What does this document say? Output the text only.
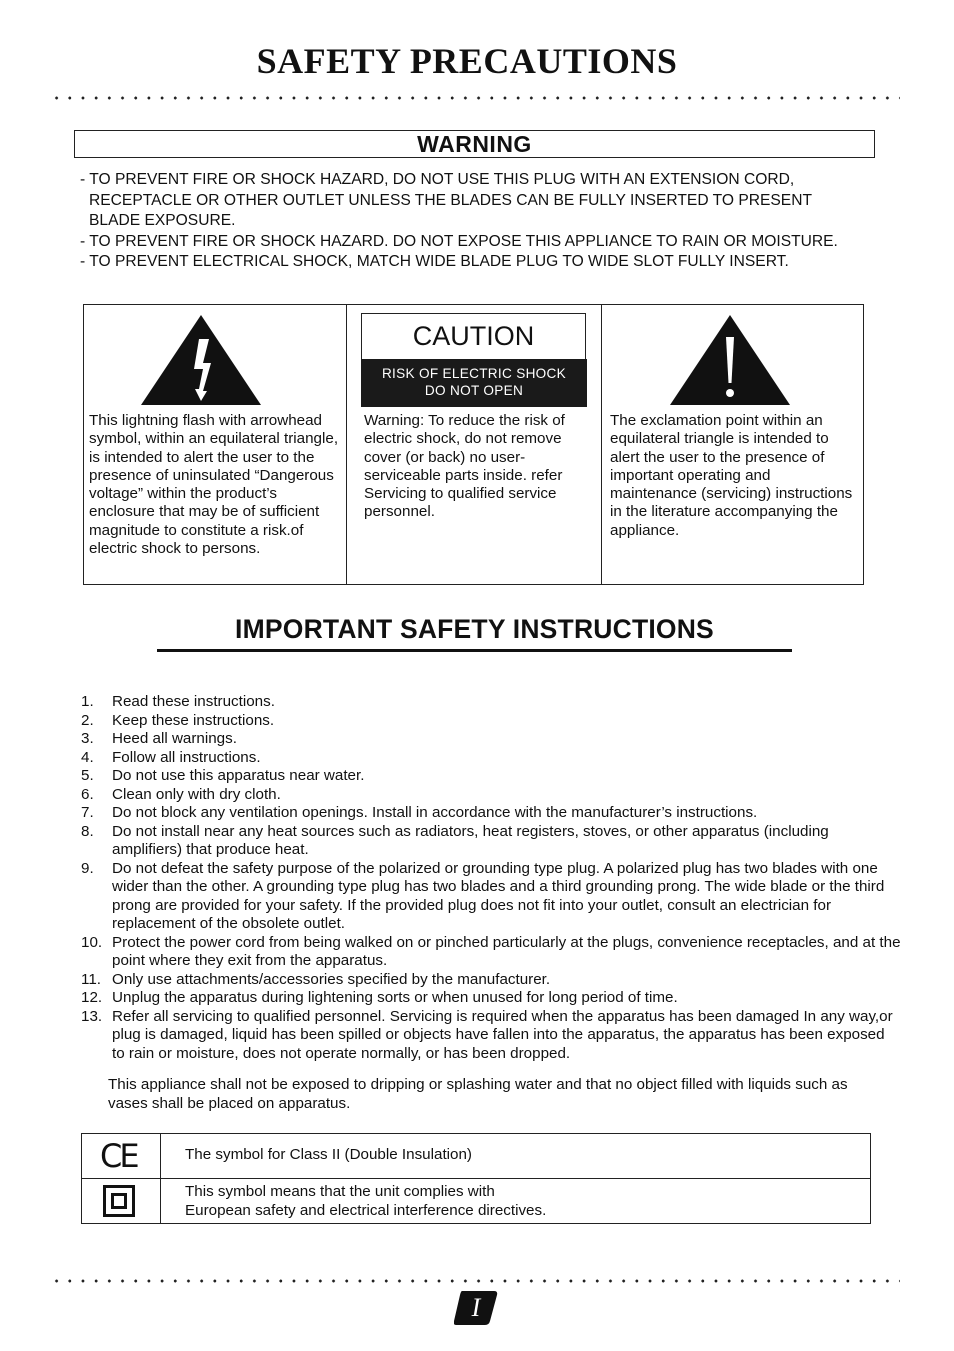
SAFETY PRECAUTIONS
WARNING
- TO PREVENT FIRE OR SHOCK HAZARD, DO NOT USE THIS PLUG WITH AN EXTENSION CORD,
RECEPTACLE OR OTHER OUTLET UNLESS THE BLADES CAN BE FULLY INSERTED TO PRESENT
BLADE EXPOSURE.
- TO PREVENT FIRE OR SHOCK HAZARD. DO NOT EXPOSE THIS APPLIANCE TO RAIN OR MOISTURE.
- TO PREVENT ELECTRICAL SHOCK, MATCH WIDE BLADE PLUG TO WIDE SLOT FULLY INSERT.
This lightning flash with arrowhead symbol, within an equilateral triangle, is intended to alert the user to the presence of uninsulated “Dangerous voltage” within the product’s enclosure that may be of sufficient magnitude to constitute a risk.of electric shock to persons.
CAUTION
RISK OF ELECTRIC SHOCK
DO NOT OPEN
Warning: To reduce the risk of electric shock, do not remove cover (or back) no user-serviceable parts inside. refer Servicing to qualified service personnel.
The exclamation point within an equilateral triangle is intended to alert the user to the presence of important operating and maintenance (servicing) instructions in the literature accompanying the appliance.
IMPORTANT SAFETY INSTRUCTIONS
1. Read these instructions.
2. Keep these instructions.
3. Heed all warnings.
4. Follow all instructions.
5. Do not use this apparatus near water.
6. Clean only with dry cloth.
7. Do not block any ventilation openings. Install in accordance with the manufacturer’s instructions.
8. Do not install near any heat sources such as radiators, heat registers, stoves, or other apparatus (including amplifiers) that produce heat.
9. Do not defeat the safety purpose of the polarized or grounding type plug. A polarized plug has two blades with one wider than the other. A grounding type plug has two blades and a third grounding prong. The wide blade or the third prong are provided for your safety. If the provided plug does not fit into your outlet, consult an electrician for replacement of the obsolete outlet.
10. Protect the power cord from being walked on or pinched particularly at the plugs, convenience receptacles, and at the point where they exit from the apparatus.
11. Only use attachments/accessories specified by the manufacturer.
12. Unplug the apparatus during lightening sorts or when unused for long period of time.
13. Refer all servicing to qualified personnel. Servicing is required when the apparatus has been damaged In any way,or plug is damaged, liquid has been spilled or objects have fallen into the apparatus, the apparatus has been exposed to rain or moisture, does not operate normally, or has been dropped.
This appliance shall not be exposed to dripping or splashing water and that no object filled with liquids such as vases shall be placed on apparatus.
CE	The symbol for Class II (Double Insulation)
This symbol means that the unit complies with
European safety and electrical interference directives.
I
